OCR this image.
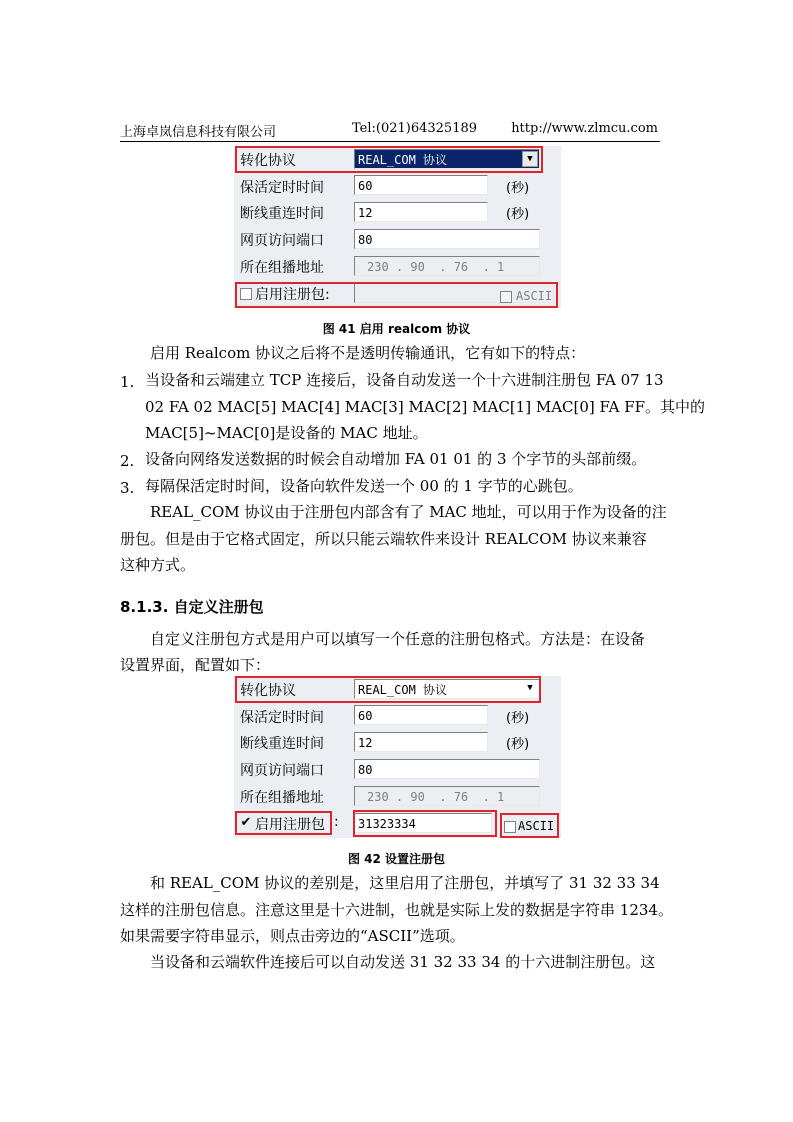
上海卓岚信息科技有限公司	Tel:(021)64325189	http://www.zlmcu.com
转化协议	REAL_COM 协议	▼
保活定时时间	60	(秒)
断线重连时间	12	(秒)
网页访问端口	80
所在组播地址	230 . 90  . 76  . 1
启用注册包:	ASCII
图 41 启用 realcom 协议
启用 Realcom 协议之后将不是透明传输通讯，它有如下的特点：
1. 当设备和云端建立 TCP 连接后，设备自动发送一个十六进制注册包 FA 07 13
02 FA 02 MAC[5] MAC[4] MAC[3] MAC[2] MAC[1] MAC[0] FA FF。其中的
MAC[5]~MAC[0]是设备的 MAC 地址。
2. 设备向网络发送数据的时候会自动增加 FA 01 01 的 3 个字节的头部前缀。
3. 每隔保活定时时间，设备向软件发送一个 00 的 1 字节的心跳包。
REAL_COM 协议由于注册包内部含有了 MAC 地址，可以用于作为设备的注
册包。但是由于它格式固定，所以只能云端软件来设计 REALCOM 协议来兼容
这种方式。
8.1.3. 自定义注册包
自定义注册包方式是用户可以填写一个任意的注册包格式。方法是：在设备
设置界面，配置如下：
转化协议	REAL_COM 协议	▼
保活定时时间	60	(秒)
断线重连时间	12	(秒)
网页访问端口	80
所在组播地址	230 . 90  . 76  . 1
✔ 启用注册包 :	31323334	ASCII
图 42 设置注册包
和 REAL_COM 协议的差别是，这里启用了注册包，并填写了 31 32 33 34
这样的注册包信息。注意这里是十六进制，也就是实际上发的数据是字符串 1234。
如果需要字符串显示，则点击旁边的“ASCII”选项。
当设备和云端软件连接后可以自动发送 31 32 33 34 的十六进制注册包。这
